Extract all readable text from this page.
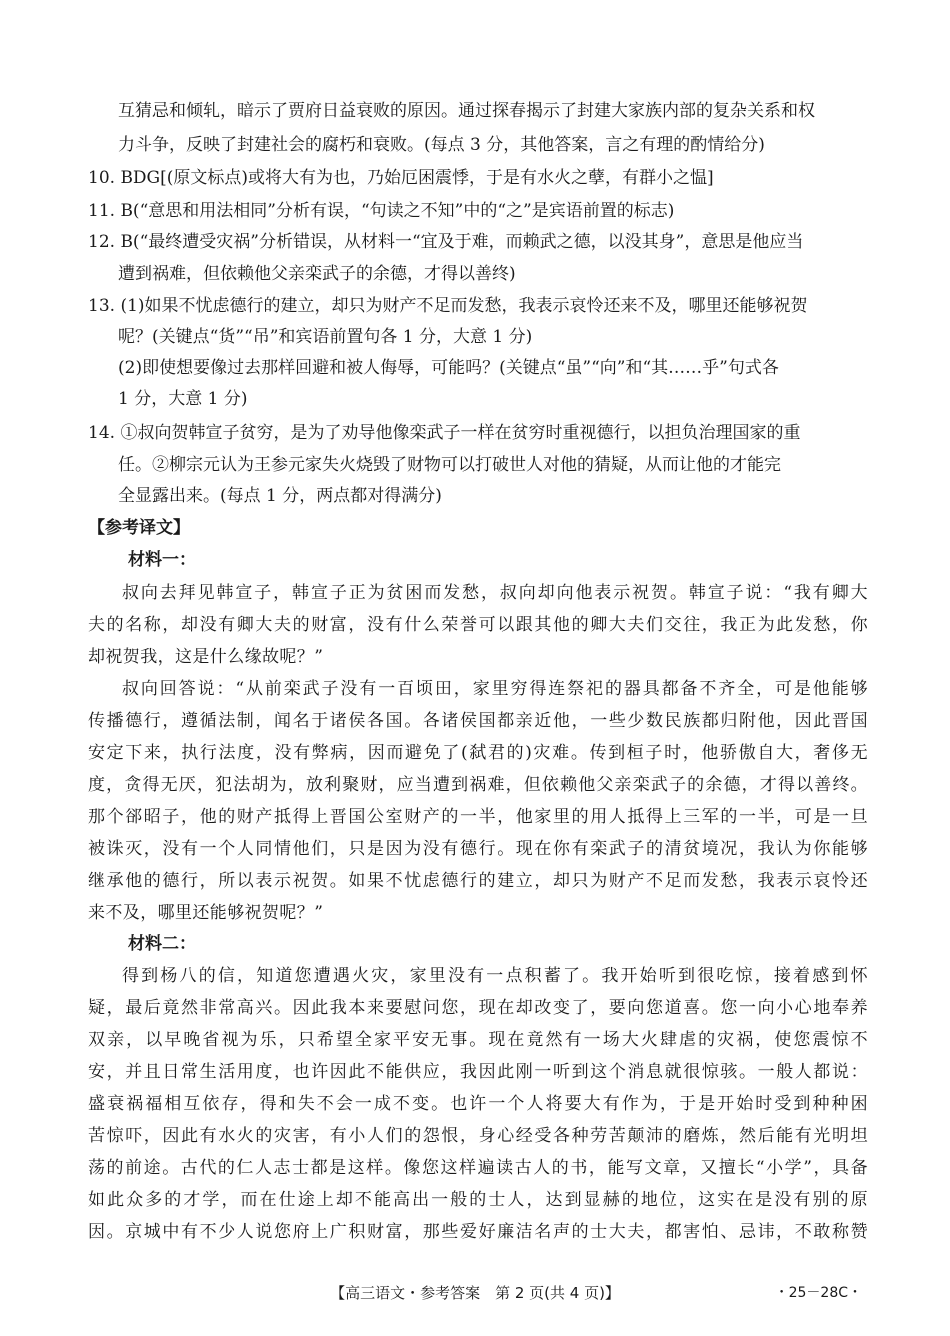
互猜忌和倾轧，暗示了贾府日益衰败的原因。通过探春揭示了封建大家族内部的复杂关系和权
力斗争，反映了封建社会的腐朽和衰败。(每点 3 分，其他答案，言之有理的酌情给分)
10. BDG[(原文标点)或将大有为也，乃始厄困震悸，于是有水火之孽，有群小之愠]
11. B(“意思和用法相同”分析有误，“句读之不知”中的“之”是宾语前置的标志)
12. B(“最终遭受灾祸”分析错误，从材料一“宜及于难，而赖武之德，以没其身”，意思是他应当
遭到祸难，但依赖他父亲栾武子的余德，才得以善终)
13. (1)如果不忧虑德行的建立，却只为财产不足而发愁，我表示哀怜还来不及，哪里还能够祝贺
呢？(关键点“货”“吊”和宾语前置句各 1 分，大意 1 分)
(2)即使想要像过去那样回避和被人侮辱，可能吗？(关键点“虽”“向”和“其……乎”句式各
1 分，大意 1 分)
14. ①叔向贺韩宣子贫穷，是为了劝导他像栾武子一样在贫穷时重视德行，以担负治理国家的重
任。②柳宗元认为王参元家失火烧毁了财物可以打破世人对他的猜疑，从而让他的才能完
全显露出来。(每点 1 分，两点都对得满分)
【参考译文】
材料一：
叔向去拜见韩宣子，韩宣子正为贫困而发愁，叔向却向他表示祝贺。韩宣子说：“我有卿大
夫的名称，却没有卿大夫的财富，没有什么荣誉可以跟其他的卿大夫们交往，我正为此发愁，你
却祝贺我，这是什么缘故呢？”
叔向回答说：“从前栾武子没有一百顷田，家里穷得连祭祀的器具都备不齐全，可是他能够
传播德行，遵循法制，闻名于诸侯各国。各诸侯国都亲近他，一些少数民族都归附他，因此晋国
安定下来，执行法度，没有弊病，因而避免了(弑君的)灾难。传到桓子时，他骄傲自大，奢侈无
度，贪得无厌，犯法胡为，放利聚财，应当遭到祸难，但依赖他父亲栾武子的余德，才得以善终。
那个郤昭子，他的财产抵得上晋国公室财产的一半，他家里的用人抵得上三军的一半，可是一旦
被诛灭，没有一个人同情他们，只是因为没有德行。现在你有栾武子的清贫境况，我认为你能够
继承他的德行，所以表示祝贺。如果不忧虑德行的建立，却只为财产不足而发愁，我表示哀怜还
来不及，哪里还能够祝贺呢？”
材料二：
得到杨八的信，知道您遭遇火灾，家里没有一点积蓄了。我开始听到很吃惊，接着感到怀
疑，最后竟然非常高兴。因此我本来要慰问您，现在却改变了，要向您道喜。您一向小心地奉养
双亲，以早晚省视为乐，只希望全家平安无事。现在竟然有一场大火肆虐的灾祸，使您震惊不
安，并且日常生活用度，也许因此不能供应，我因此刚一听到这个消息就很惊骇。一般人都说：
盛衰祸福相互依存，得和失不会一成不变。也许一个人将要大有作为，于是开始时受到种种困
苦惊吓，因此有水火的灾害，有小人们的怨恨，身心经受各种劳苦颠沛的磨炼，然后能有光明坦
荡的前途。古代的仁人志士都是这样。像您这样遍读古人的书，能写文章，又擅长“小学”，具备
如此众多的才学，而在仕途上却不能高出一般的士人，达到显赫的地位，这实在是没有别的原
因。京城中有不少人说您府上广积财富，那些爱好廉洁名声的士大夫，都害怕、忌讳，不敢称赞
【高三语文・参考答案　第 2 页(共 4 页)】	・25－28C・
